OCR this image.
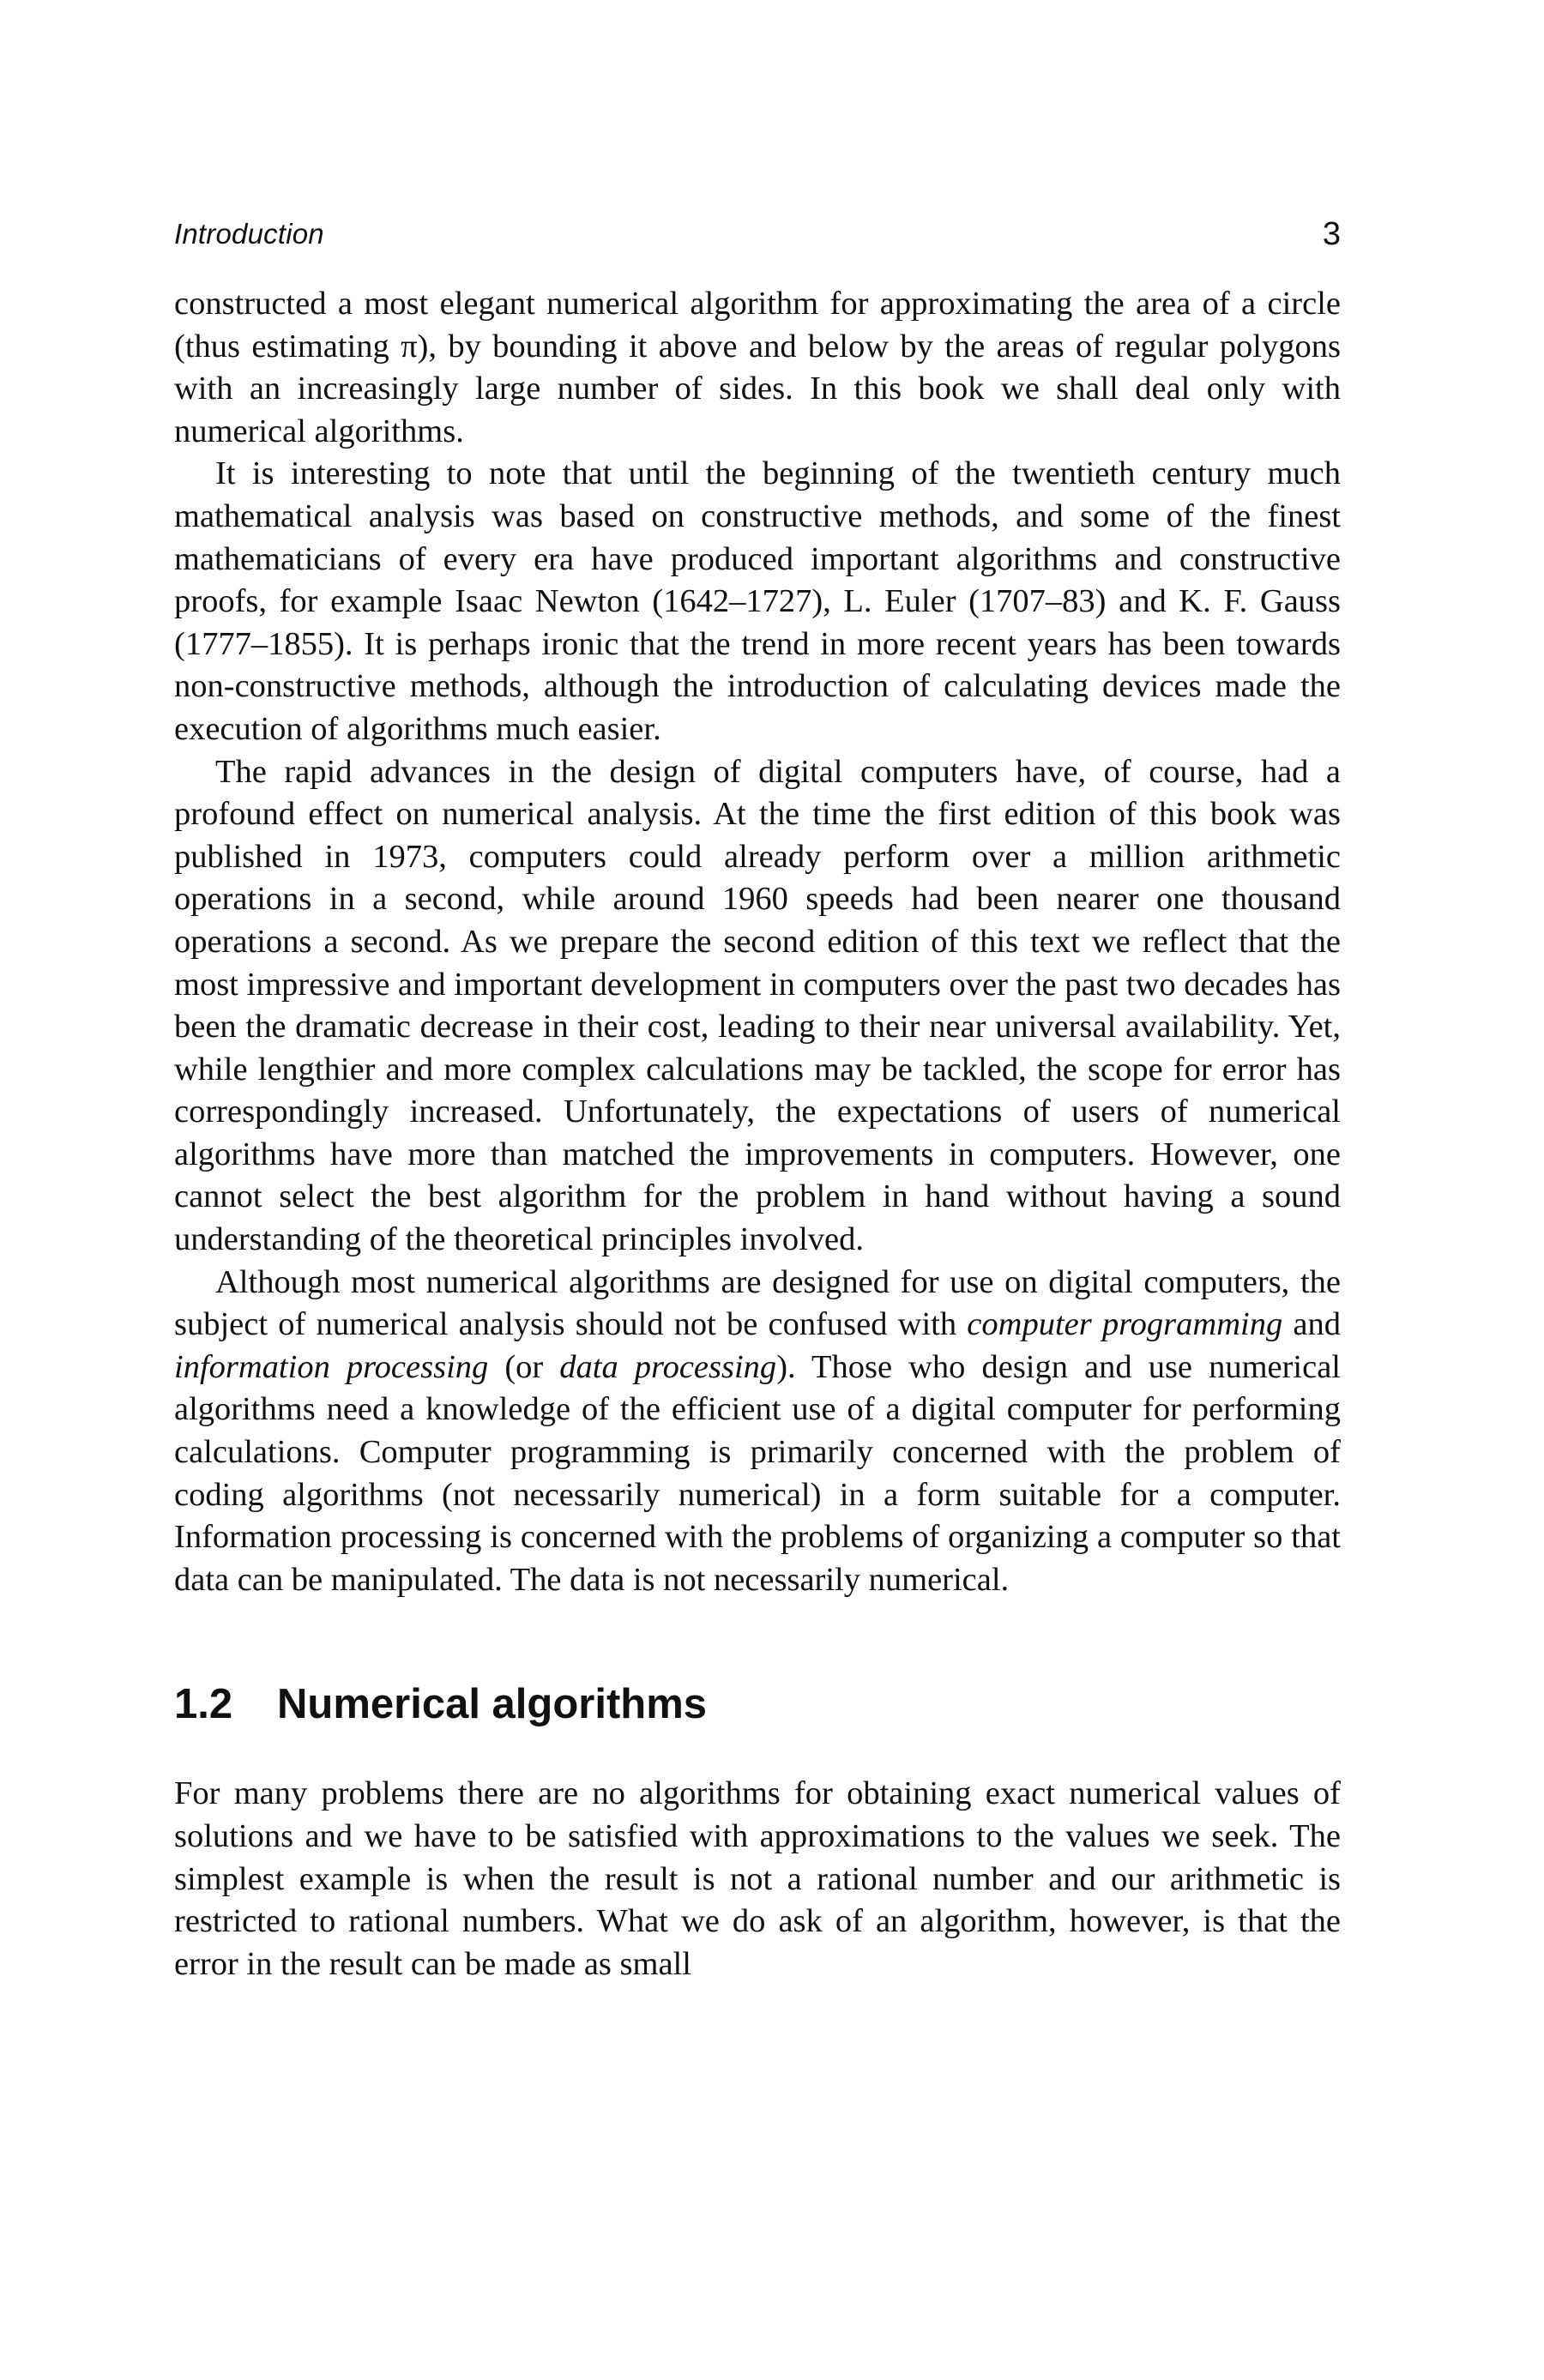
Introduction	3

constructed a most elegant numerical algorithm for approximating the area of a circle (thus estimating π), by bounding it above and below by the areas of regular polygons with an increasingly large number of sides. In this book we shall deal only with numerical algorithms.

It is interesting to note that until the beginning of the twentieth century much mathematical analysis was based on constructive methods, and some of the finest mathematicians of every era have produced important algorithms and constructive proofs, for example Isaac Newton (1642–1727), L. Euler (1707–83) and K. F. Gauss (1777–1855). It is perhaps ironic that the trend in more recent years has been towards non-constructive methods, although the introduction of calculating devices made the execution of algorithms much easier.

The rapid advances in the design of digital computers have, of course, had a profound effect on numerical analysis. At the time the first edition of this book was published in 1973, computers could already perform over a million arithmetic operations in a second, while around 1960 speeds had been nearer one thousand operations a second. As we prepare the second edition of this text we reflect that the most impressive and important development in computers over the past two decades has been the dramatic decrease in their cost, leading to their near universal availability. Yet, while lengthier and more complex calculations may be tackled, the scope for error has correspondingly increased. Unfortunately, the expectations of users of numerical algorithms have more than matched the improvements in computers. However, one cannot select the best algorithm for the problem in hand without having a sound understanding of the theoretical principles involved.

Although most numerical algorithms are designed for use on digital computers, the subject of numerical analysis should not be confused with computer programming and information processing (or data processing). Those who design and use numerical algorithms need a knowledge of the efficient use of a digital computer for performing calculations. Computer programming is primarily concerned with the problem of coding algorithms (not necessarily numerical) in a form suitable for a computer. Information processing is concerned with the problems of organizing a computer so that data can be manipulated. The data is not necessarily numerical.

1.2	Numerical algorithms

For many problems there are no algorithms for obtaining exact numerical values of solutions and we have to be satisfied with approximations to the values we seek. The simplest example is when the result is not a rational number and our arithmetic is restricted to rational numbers. What we do ask of an algorithm, however, is that the error in the result can be made as small
